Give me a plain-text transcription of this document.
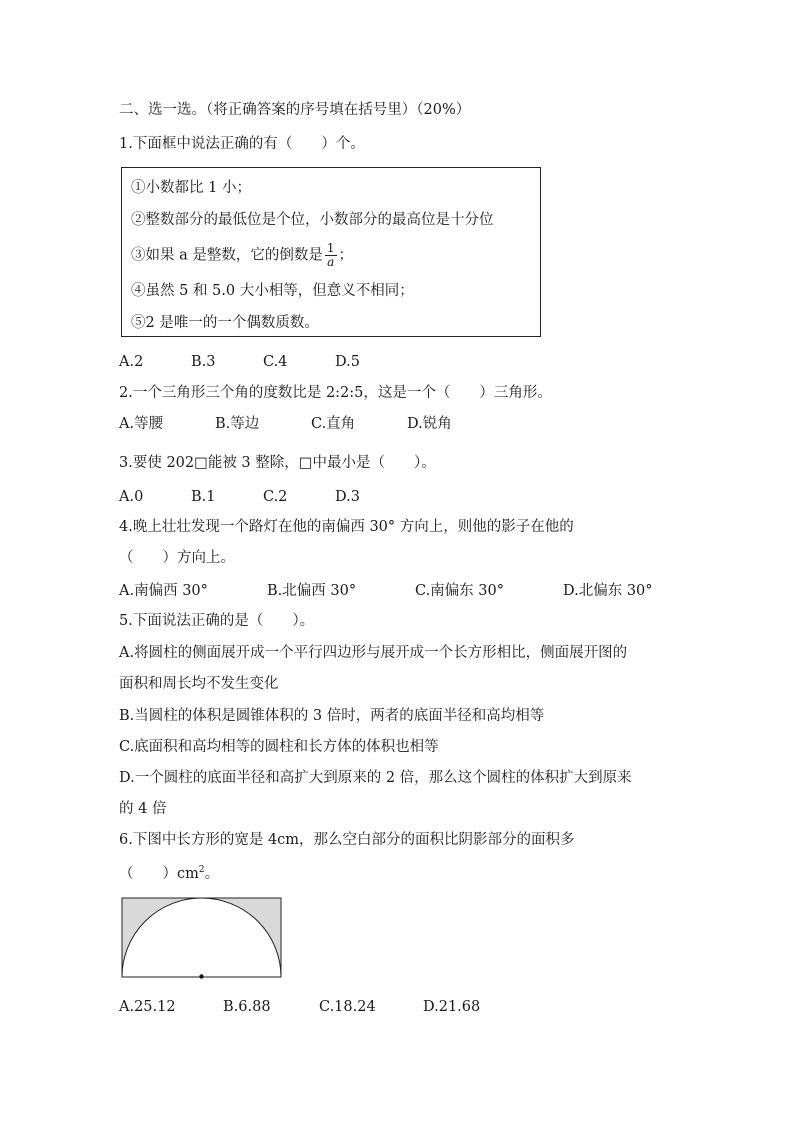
二、选一选。（将正确答案的序号填在括号里）（20%）
1.下面框中说法正确的有（　　）个。
①小数都比 1 小；
②整数部分的最低位是个位，小数部分的最高位是十分位
③如果 a 是整数，它的倒数是 $\frac{1}{a}$ ；
④虽然 5 和 5.0 大小相等，但意义不相同；
⑤2 是唯一的一个偶数质数。
A.2	B.3	C.4	D.5
2.一个三角形三个角的度数比是 2:2:5，这是一个（　　）三角形。
A.等腰	B.等边	C.直角	D.锐角
3.要使 202□能被 3 整除，□中最小是（　　）。
A.0	B.1	C.2	D.3
4.晚上壮壮发现一个路灯在他的南偏西 30° 方向上，则他的影子在他的
（　　）方向上。
A.南偏西 30°	B.北偏西 30°	C.南偏东 30°	D.北偏东 30°
5.下面说法正确的是（　　）。
A.将圆柱的侧面展开成一个平行四边形与展开成一个长方形相比，侧面展开图的
面积和周长均不发生变化
B.当圆柱的体积是圆锥体积的 3 倍时，两者的底面半径和高均相等
C.底面积和高均相等的圆柱和长方体的体积也相等
D.一个圆柱的底面半径和高扩大到原来的 2 倍，那么这个圆柱的体积扩大到原来
的 4 倍
6.下图中长方形的宽是 4cm，那么空白部分的面积比阴影部分的面积多
（　　）$cm^2$。
A.25.12	B.6.88	C.18.24	D.21.68
